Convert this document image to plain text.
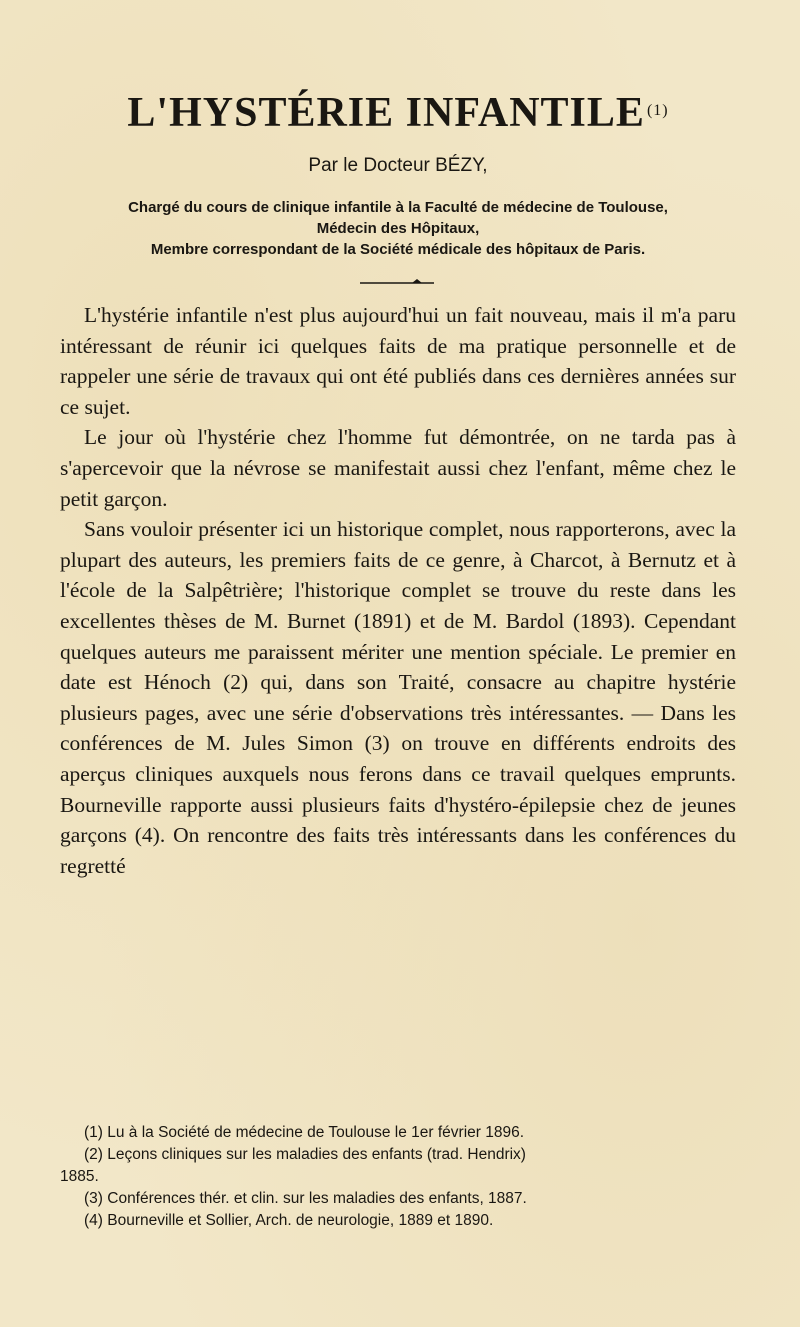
L'HYSTÉRIE INFANTILE $^{(1)}$
Par le Docteur BÉZY,
Chargé du cours de clinique infantile à la Faculté de médecine de Toulouse,
Médecin des Hôpitaux,
Membre correspondant de la Société médicale des hôpitaux de Paris.

L'hystérie infantile n'est plus aujourd'hui un fait nouveau, mais il m'a paru intéressant de réunir ici quelques faits de ma pratique personnelle et de rappeler une série de travaux qui ont été publiés dans ces dernières années sur ce sujet.

Le jour où l'hystérie chez l'homme fut démontrée, on ne tarda pas à s'apercevoir que la névrose se manifestait aussi chez l'enfant, même chez le petit garçon.

Sans vouloir présenter ici un historique complet, nous rapporterons, avec la plupart des auteurs, les premiers faits de ce genre, à Charcot, à Bernutz et à l'école de la Salpêtrière; l'historique complet se trouve du reste dans les excellentes thèses de M. Burnet (1891) et de M. Bardol (1893). Cependant quelques auteurs me paraissent mériter une mention spéciale. Le premier en date est Hénoch (2) qui, dans son Traité, consacre au chapitre hystérie plusieurs pages, avec une série d'observations très intéressantes. — Dans les conférences de M. Jules Simon (3) on trouve en différents endroits des aperçus cliniques auxquels nous ferons dans ce travail quelques emprunts. Bourneville rapporte aussi plusieurs faits d'hystéro-épilepsie chez de jeunes garçons (4). On rencontre des faits très intéressants dans les conférences du regretté

(1) Lu à la Société de médecine de Toulouse le 1er février 1896.
(2) Leçons cliniques sur les maladies des enfants (trad. Hendrix)
1885.
(3) Conférences thér. et clin. sur les maladies des enfants, 1887.
(4) Bourneville et Sollier, Arch. de neurologie, 1889 et 1890.
